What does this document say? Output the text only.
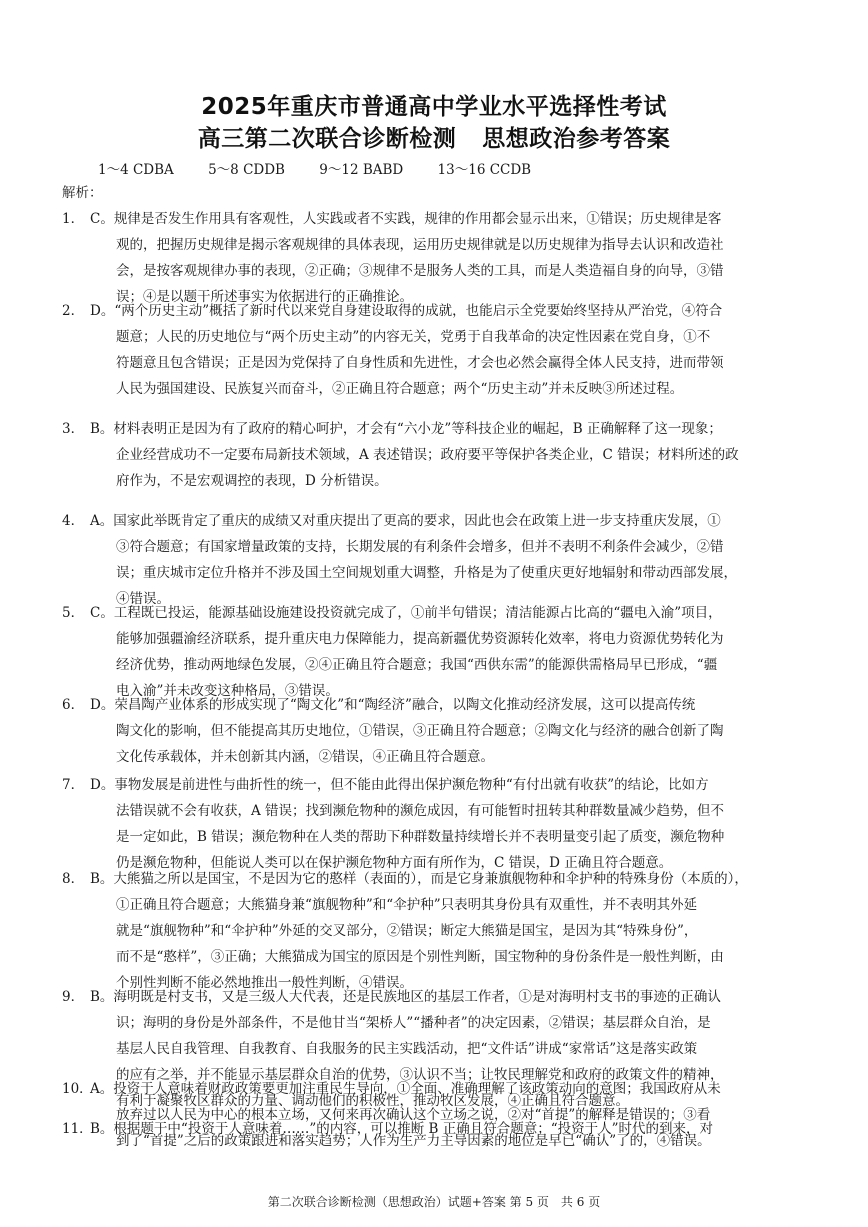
2025年重庆市普通高中学业水平选择性考试
高三第二次联合诊断检测 思想政治参考答案
1～4 CDBA	5～8 CDDB	9～12 BABD	13～16 CCDB
解析：
1． C。规律是否发生作用具有客观性，人实践或者不实践，规律的作用都会显示出来，①错误；历史规律是客

观的，把握历史规律是揭示客观规律的具体表现，运用历史规律就是以历史规律为指导去认识和改造社
会，是按客观规律办事的表现，②正确；③规律不是服务人类的工具，而是人类造福自身的向导，③错
误；④是以题干所述事实为依据进行的正确推论。
2． D。“两个历史主动”概括了新时代以来党自身建设取得的成就，也能启示全党要始终坚持从严治党，④符合

题意；人民的历史地位与“两个历史主动”的内容无关，党勇于自我革命的决定性因素在党自身，①不
符题意且包含错误；正是因为党保持了自身性质和先进性，才会也必然会赢得全体人民支持，进而带领
人民为强国建设、民族复兴而奋斗，②正确且符合题意；两个“历史主动”并未反映③所述过程。
3． B。材料表明正是因为有了政府的精心呵护，才会有“六小龙”等科技企业的崛起，B 正确解释了这一现象；

企业经营成功不一定要布局新技术领域，A 表述错误；政府要平等保护各类企业，C 错误；材料所述的政
府作为，不是宏观调控的表现，D 分析错误。
4． A。国家此举既肯定了重庆的成绩又对重庆提出了更高的要求，因此也会在政策上进一步支持重庆发展，①

③符合题意；有国家增量政策的支持，长期发展的有利条件会增多，但并不表明不利条件会减少，②错
误；重庆城市定位升格并不涉及国土空间规划重大调整，升格是为了使重庆更好地辐射和带动西部发展，
④错误。
5． C。工程既已投运，能源基础设施建设投资就完成了，①前半句错误；清洁能源占比高的“疆电入渝”项目，

能够加强疆渝经济联系，提升重庆电力保障能力，提高新疆优势资源转化效率，将电力资源优势转化为
经济优势，推动两地绿色发展，②④正确且符合题意；我国“西供东需”的能源供需格局早已形成，“疆
电入渝”并未改变这种格局，③错误。
6． D。荣昌陶产业体系的形成实现了“陶文化”和“陶经济”融合，以陶文化推动经济发展，这可以提高传统

陶文化的影响，但不能提高其历史地位，①错误，③正确且符合题意；②陶文化与经济的融合创新了陶
文化传承载体，并未创新其内涵，②错误，④正确且符合题意。
7． D。事物发展是前进性与曲折性的统一，但不能由此得出保护濒危物种“有付出就有收获”的结论，比如方

法错误就不会有收获，A 错误；找到濒危物种的濒危成因，有可能暂时扭转其种群数量减少趋势，但不
是一定如此，B 错误；濒危物种在人类的帮助下种群数量持续增长并不表明量变引起了质变，濒危物种
仍是濒危物种，但能说人类可以在保护濒危物种方面有所作为，C 错误，D 正确且符合题意。
8． B。大熊猫之所以是国宝，不是因为它的憨样（表面的），而是它身兼旗舰物种和伞护种的特殊身份（本质的），

①正确且符合题意；大熊猫身兼“旗舰物种”和“伞护种”只表明其身份具有双重性，并不表明其外延
就是“旗舰物种”和“伞护种”外延的交叉部分，②错误；断定大熊猫是国宝，是因为其“特殊身份”，
而不是“憨样”，③正确；大熊猫成为国宝的原因是个别性判断，国宝物种的身份条件是一般性判断，由
个别性判断不能必然地推出一般性判断，④错误。
9． B。海明既是村支书，又是三级人大代表，还是民族地区的基层工作者，①是对海明村支书的事迹的正确认

识；海明的身份是外部条件，不是他甘当“架桥人”“播种者”的决定因素，②错误；基层群众自治，是
基层人民自我管理、自我教育、自我服务的民主实践活动，把“文件话”讲成“家常话”这是落实政策
的应有之举，并不能显示基层群众自治的优势，③认识不当；让牧民理解党和政府的政策文件的精神，
有利于凝聚牧区群众的力量、调动他们的积极性，推动牧区发展，④正确且符合题意。
10．
A。投资于人意味着财政政策要更加注重民生导向，①全面、准确理解了该政策动向的意图；我国政府从未

放弃过以人民为中心的根本立场，又何来再次确认这个立场之说，②对“首提”的解释是错误的；③看
到了“首提”之后的政策跟进和落实趋势；人作为生产力主导因素的地位是早已“确认”了的，④错误。
11．
B。根据题干中“投资于人意味着……”的内容，可以推断 B 正确且符合题意；“投资于人”时代的到来，对

第二次联合诊断检测（思想政治）试题+答案 第 5 页　共 6 页
